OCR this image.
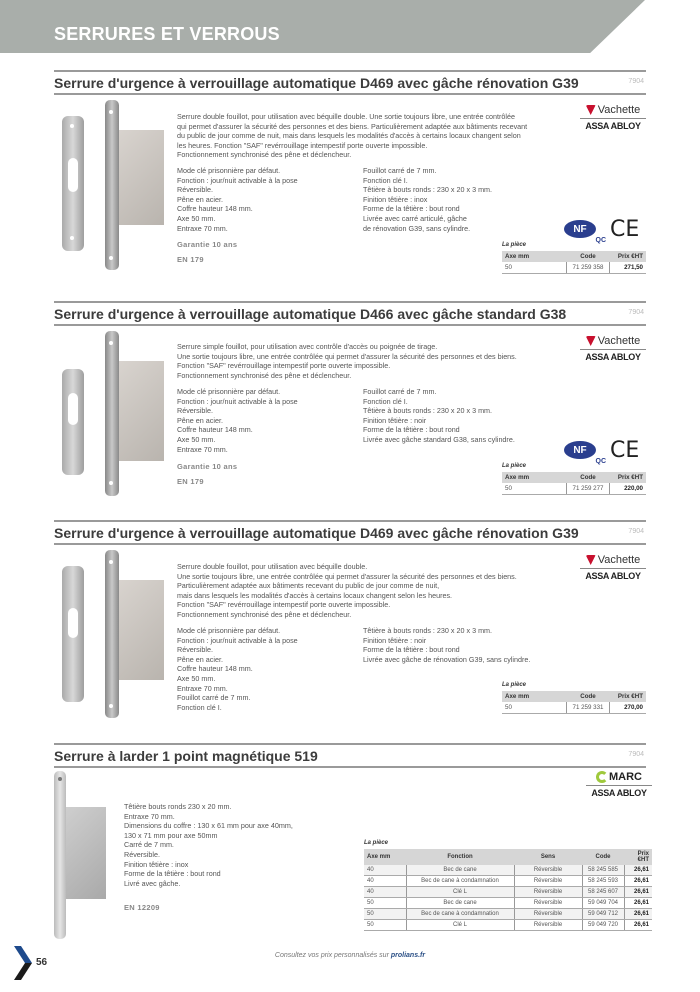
SERRURES ET VERROUS
Serrure d'urgence à verrouillage automatique D469 avec gâche rénovation G39	7904
Serrure double fouillot, pour utilisation avec béquille double. Une sortie toujours libre, une entrée contrôlée
qui permet d'assurer la sécurité des personnes et des biens. Particulièrement adaptée aux bâtiments recevant
du public de jour comme de nuit, mais dans lesquels les modalités d'accès à certains locaux changent selon
les heures. Fonction "SAF" revérrouillage intempestif porte ouverte impossible.
Fonctionnement synchronisé des pêne et déclencheur.
Mode clé prisonnière par défaut.
Fonction : jour/nuit activable à la pose
Réversible.
Pêne en acier.
Coffre hauteur 148 mm.
Axe 50 mm.
Entraxe 70 mm.
Fouillot carré de 7 mm.
Fonction clé I.
Têtière à bouts ronds : 230 x 20 x 3 mm.
Finition têtière : inox
Forme de la têtière : bout rond
Livrée avec carré articulé, gâche
de rénovation G39, sans cylindre.
Garantie 10 ans
EN 179
Vachette
ASSA ABLOY
NF
QC CE
La pièce
Axe mm	Code	Prix €HT
50	71 259 358	271,50
Serrure d'urgence à verrouillage automatique D466 avec gâche standard G38	7904
Serrure simple fouillot, pour utilisation avec contrôle d'accès ou poignée de tirage.
Une sortie toujours libre, une entrée contrôlée qui permet d'assurer la sécurité des personnes et des biens.
Fonction "SAF" revérrouillage intempestif porte ouverte impossible.
Fonctionnement synchronisé des pêne et déclencheur.
Mode clé prisonnière par défaut.
Fonction : jour/nuit activable à la pose
Réversible.
Pêne en acier.
Coffre hauteur 148 mm.
Axe 50 mm.
Entraxe 70 mm.
Fouillot carré de 7 mm.
Fonction clé I.
Têtière à bouts ronds : 230 x 20 x 3 mm.
Finition têtière : noir
Forme de la têtière : bout rond
Livrée avec gâche standard G38, sans cylindre.
Garantie 10 ans
EN 179
Vachette
ASSA ABLOY
NF
QC CE
La pièce
Axe mm	Code	Prix €HT
50	71 259 277	220,00
Serrure d'urgence à verrouillage automatique D469 avec gâche rénovation G39	7904
Serrure double fouillot, pour utilisation avec béquille double.
Une sortie toujours libre, une entrée contrôlée qui permet d'assurer la sécurité des personnes et des biens.
Particulièrement adaptée aux bâtiments recevant du public de jour comme de nuit,
mais dans lesquels les modalités d'accès à certains locaux changent selon les heures.
Fonction "SAF" revérrouillage intempestif porte ouverte impossible.
Fonctionnement synchronisé des pêne et déclencheur.
Mode clé prisonnière par défaut.
Fonction : jour/nuit activable à la pose
Réversible.
Pêne en acier.
Coffre hauteur 148 mm.
Axe 50 mm.
Entraxe 70 mm.
Fouillot carré de 7 mm.
Fonction clé I.
Têtière à bouts ronds : 230 x 20 x 3 mm.
Finition têtière : noir
Forme de la têtière : bout rond
Livrée avec gâche de rénovation G39, sans cylindre.
Vachette
ASSA ABLOY
La pièce
Axe mm	Code	Prix €HT
50	71 259 331	270,00
Serrure à larder 1 point magnétique 519	7904
Têtière bouts ronds 230 x 20 mm.
Entraxe 70 mm.
Dimensions du coffre : 130 x 61 mm pour axe 40mm,
130 x 71 mm pour axe 50mm
Carré de 7 mm.
Réversible.
Finition têtière : inox
Forme de la têtière : bout rond
Livré avec gâche.
EN 12209
MARC
ASSA ABLOY
La pièce
Axe mm	Fonction	Sens	Code	Prix €HT
40	Bec de cane	Réversible	58 245 585	26,61
40	Bec de cane à condamnation	Réversible	58 245 593	26,61
40	Clé L	Réversible	58 245 607	26,61
50	Bec de cane	Réversible	59 049 704	26,61
50	Bec de cane à condamnation	Réversible	59 049 712	26,61
50	Clé L	Réversible	59 049 720	26,61
56
Consultez vos prix personnalisés sur prolians.fr
